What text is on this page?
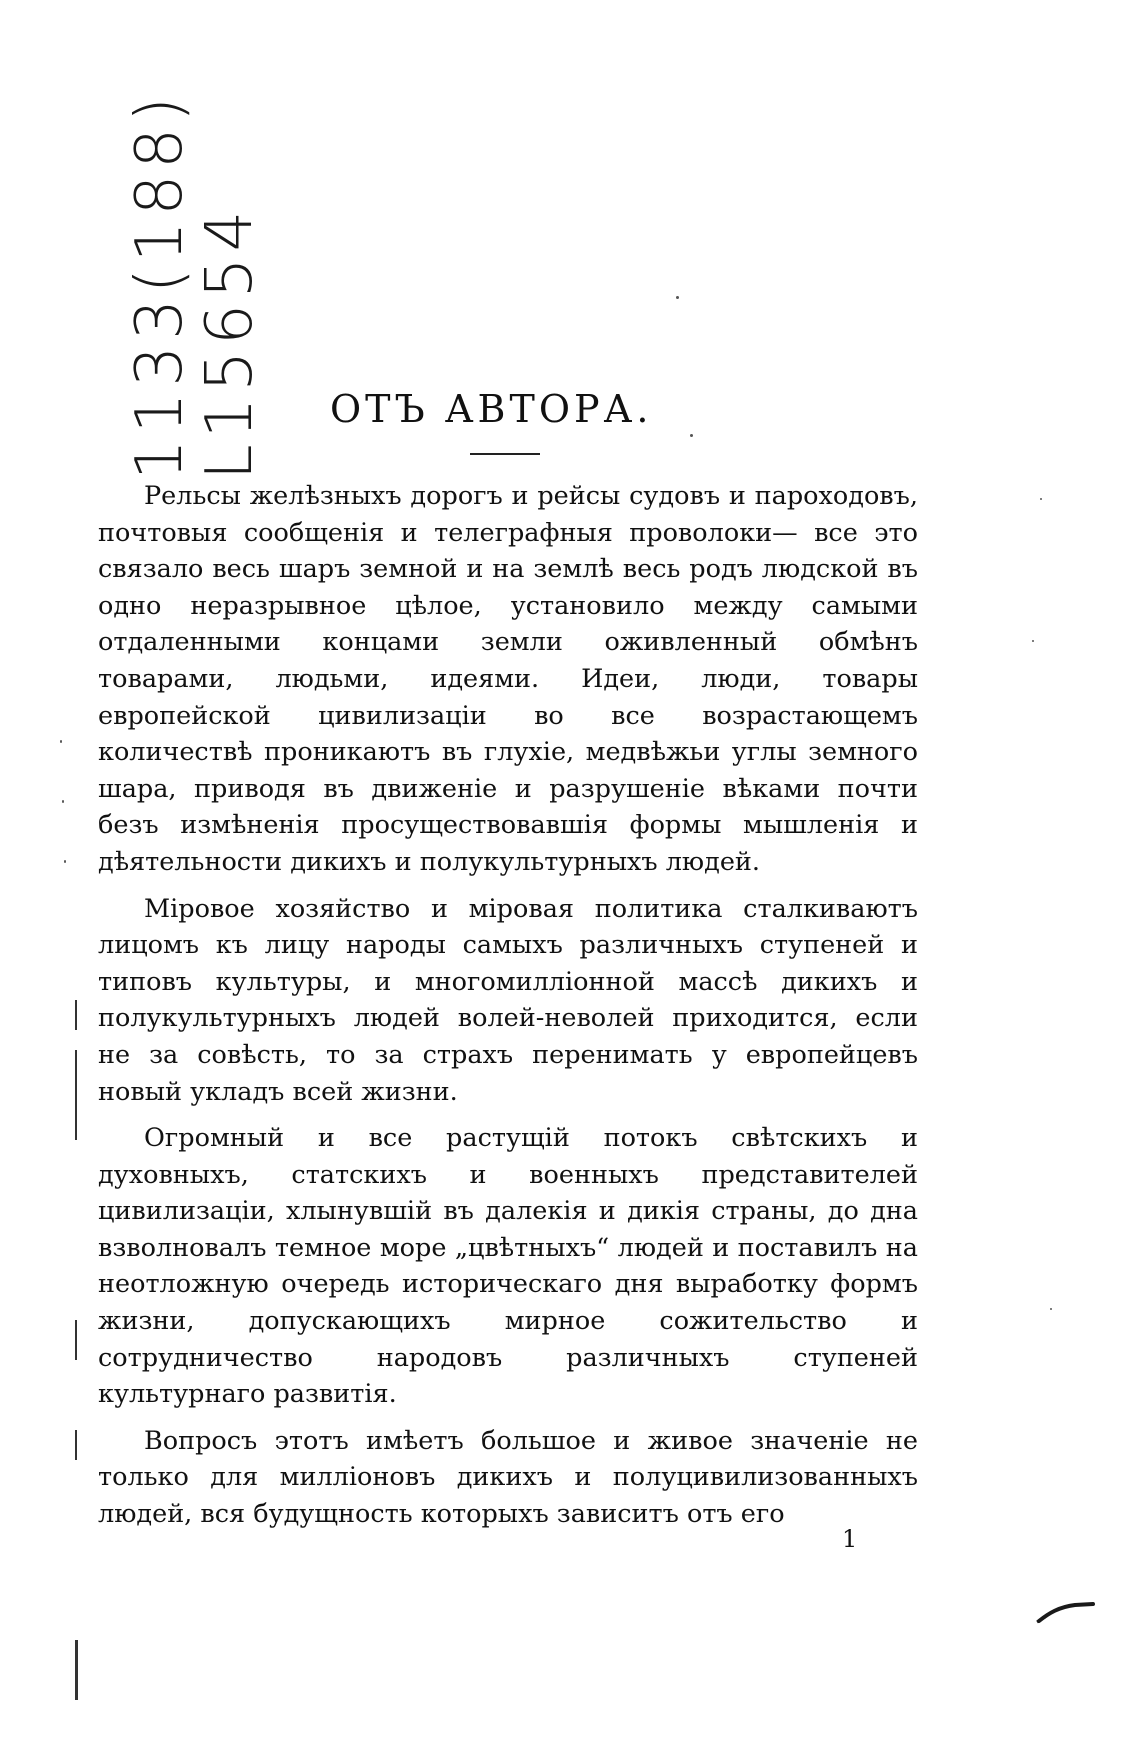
1133(188)
L15654 ОТЪ АВТОРА.

Рельсы желѣзныхъ дорогъ и рейсы судовъ и пароходовъ, почтовыя сообщенія и телеграфныя проволоки— все это связало весь шаръ земной и на землѣ весь родъ людской въ одно неразрывное цѣлое, установило между самыми отдаленными концами земли оживленный обмѣнъ товарами, людьми, идеями. Идеи, люди, товары европейской цивилизаціи во все возрастающемъ количествѣ проникаютъ въ глухіе, медвѣжьи углы земного шара, приводя въ движеніе и разрушеніе вѣками почти безъ измѣненія просуществовавшія формы мышленія и дѣятельности дикихъ и полукультурныхъ людей.

Міровое хозяйство и міровая политика сталкиваютъ лицомъ къ лицу народы самыхъ различныхъ ступеней и типовъ культуры, и многомилліонной массѣ дикихъ и полукультурныхъ людей волей-неволей приходится, если не за совѣсть, то за страхъ перенимать у европейцевъ новый укладъ всей жизни.

Огромный и все растущій потокъ свѣтскихъ и духовныхъ, статскихъ и военныхъ представителей цивилизаціи, хлынувшій въ далекія и дикія страны, до дна взволновалъ темное море „цвѣтныхъ“ людей и поставилъ на неотложную очередь историческаго дня выработку формъ жизни, допускающихъ мирное сожительство и сотрудничество народовъ различныхъ ступеней культурнаго развитія.

Вопросъ этотъ имѣетъ большое и живое значеніе не только для милліоновъ дикихъ и полуцивилизованныхъ людей, вся будущность которыхъ зависитъ отъ его

1
